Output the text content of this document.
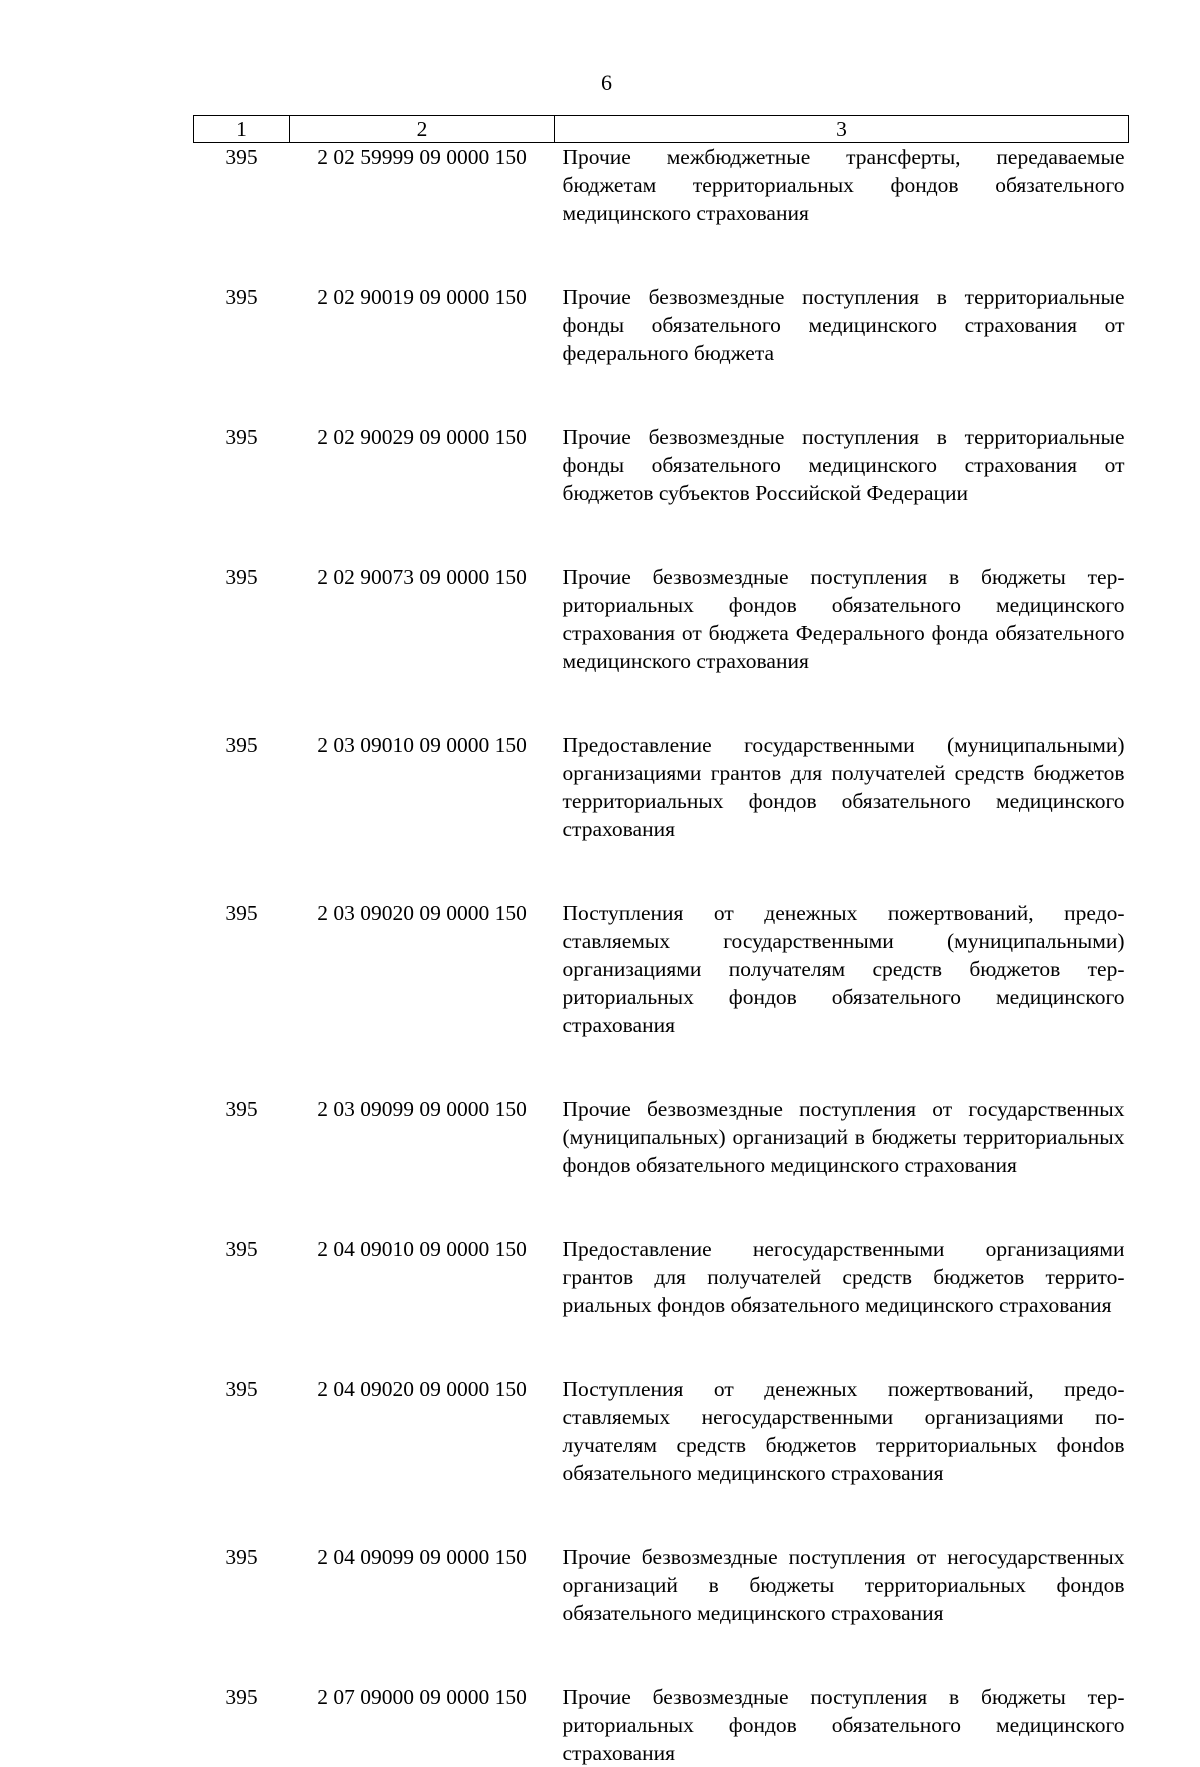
6
1	2	3
395	2 02 59999 09 0000 150	Прочие межбюджетные трансферты, передаваемые бюджетам территориальных фондов обязательного медицинского страхования
395	2 02 90019 09 0000 150	Прочие безвозмездные поступления в территориальные фонды обязательного медицинского страхования от федерального бюджета
395	2 02 90029 09 0000 150	Прочие безвозмездные поступления в территориальные фонды обязательного медицинского страхования от бюджетов субъектов Российской Федерации
395	2 02 90073 09 0000 150	Прочие безвозмездные поступления в бюджеты территориальных фондов обязательного медицинского страхования от бюджета Федерального фонда обязательного медицинского страхования
395	2 03 09010 09 0000 150	Предоставление государственными (муниципальными) организациями грантов для получателей средств бюджетов территориальных фондов обязательного медицинского страхования
395	2 03 09020 09 0000 150	Поступления от денежных пожертвований, предоставляемых государственными (муниципальными) организациями получателям средств бюджетов территориальных фондов обязательного медицинского страхования
395	2 03 09099 09 0000 150	Прочие безвозмездные поступления от государственных (муниципальных) организаций в бюджеты территориальных фондов обязательного медицинского страхования
395	2 04 09010 09 0000 150	Предоставление негосударственными организациями грантов для получателей средств бюджетов территориальных фондов обязательного медицинского страхования
395	2 04 09020 09 0000 150	Поступления от денежных пожертвований, предоставляемых негосударственными организациями получателям средств бюджетов территориальных фонdов обязательного медицинского страхования
395	2 04 09099 09 0000 150	Прочие безвозмездные поступления от негосударственных организаций в бюджеты территориальных фондов обязательного медицинского страхования
395	2 07 09000 09 0000 150	Прочие безвозмездные поступления в бюджеты территориальных фондов обязательного медицинского страхования
